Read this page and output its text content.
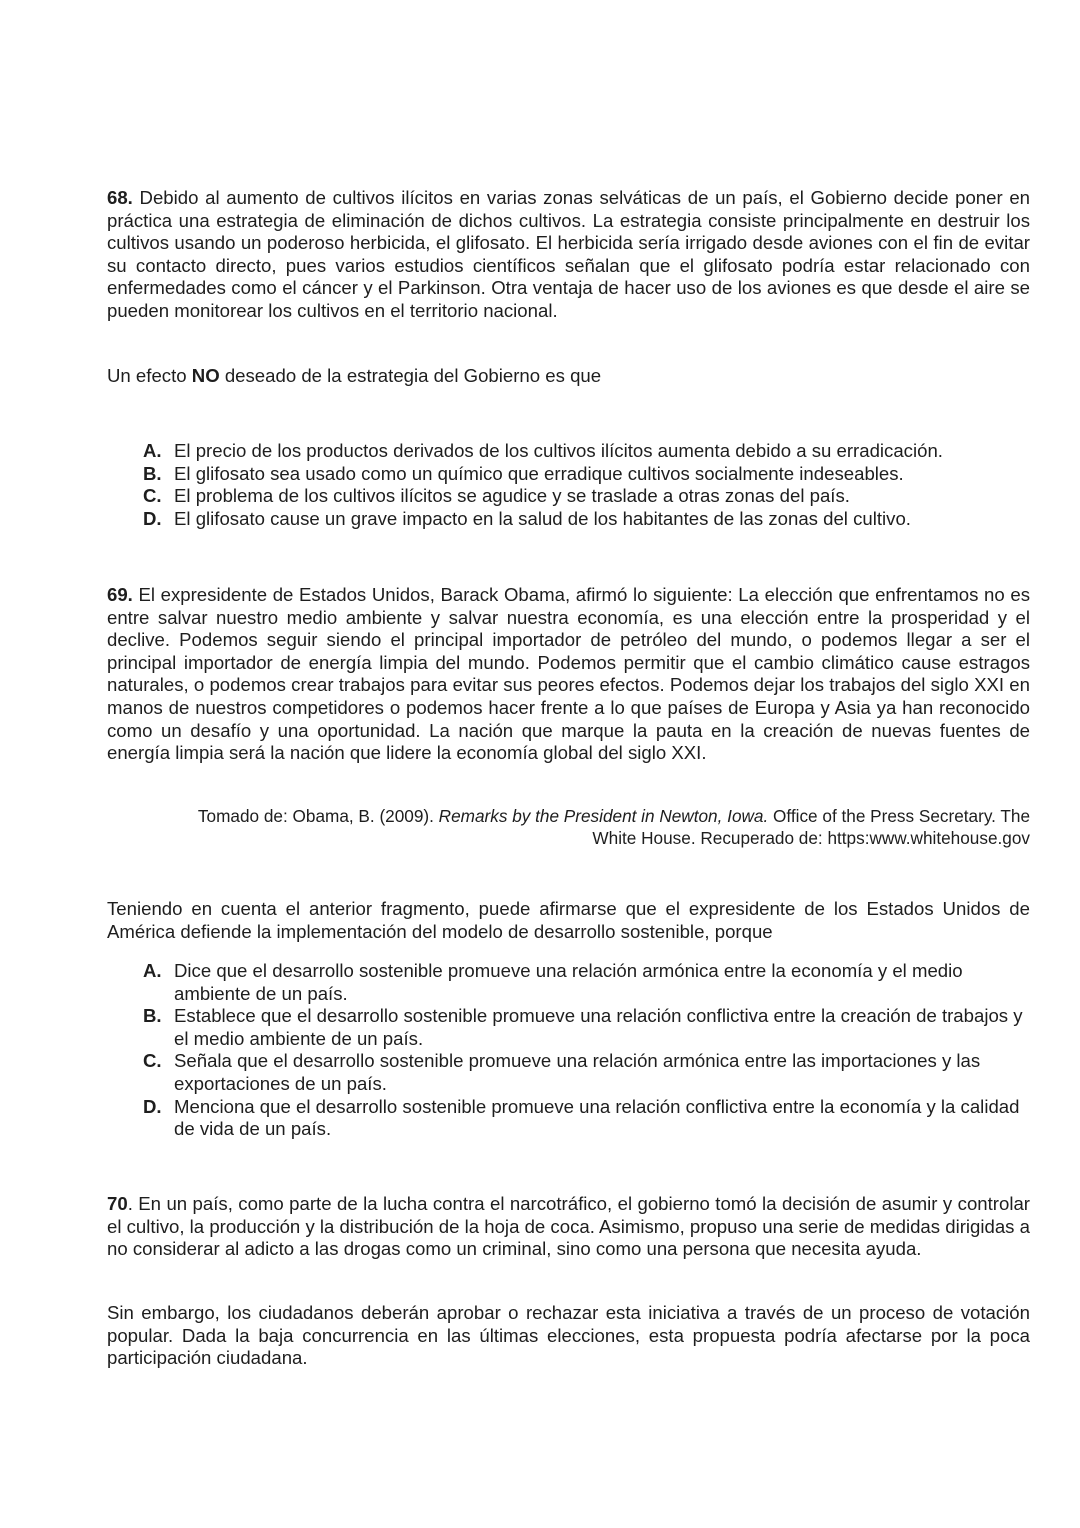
68. Debido al aumento de cultivos ilícitos en varias zonas selváticas de un país, el Gobierno decide poner en práctica una estrategia de eliminación de dichos cultivos. La estrategia consiste principalmente en destruir los cultivos usando un poderoso herbicida, el glifosato. El herbicida sería irrigado desde aviones con el fin de evitar su contacto directo, pues varios estudios científicos señalan que el glifosato podría estar relacionado con enfermedades como el cáncer y el Parkinson. Otra ventaja de hacer uso de los aviones es que desde el aire se pueden monitorear los cultivos en el territorio nacional.

Un efecto NO deseado de la estrategia del Gobierno es que

A. El precio de los productos derivados de los cultivos ilícitos aumenta debido a su erradicación.
B. El glifosato sea usado como un químico que erradique cultivos socialmente indeseables.
C. El problema de los cultivos ilícitos se agudice y se traslade a otras zonas del país.
D. El glifosato cause un grave impacto en la salud de los habitantes de las zonas del cultivo.

69. El expresidente de Estados Unidos, Barack Obama, afirmó lo siguiente: La elección que enfrentamos no es entre salvar nuestro medio ambiente y salvar nuestra economía, es una elección entre la prosperidad y el declive. Podemos seguir siendo el principal importador de petróleo del mundo, o podemos llegar a ser el principal importador de energía limpia del mundo. Podemos permitir que el cambio climático cause estragos naturales, o podemos crear trabajos para evitar sus peores efectos. Podemos dejar los trabajos del siglo XXI en manos de nuestros competidores o podemos hacer frente a lo que países de Europa y Asia ya han reconocido como un desafío y una oportunidad. La nación que marque la pauta en la creación de nuevas fuentes de energía limpia será la nación que lidere la economía global del siglo XXI.

Tomado de: Obama, B. (2009). Remarks by the President in Newton, Iowa. Office of the Press Secretary. The
White House. Recuperado de: https:www.whitehouse.gov

Teniendo en cuenta el anterior fragmento, puede afirmarse que el expresidente de los Estados Unidos de América defiende la implementación del modelo de desarrollo sostenible, porque

A. Dice que el desarrollo sostenible promueve una relación armónica entre la economía y el medio ambiente de un país.
B. Establece que el desarrollo sostenible promueve una relación conflictiva entre la creación de trabajos y el medio ambiente de un país.
C. Señala que el desarrollo sostenible promueve una relación armónica entre las importaciones y las exportaciones de un país.
D. Menciona que el desarrollo sostenible promueve una relación conflictiva entre la economía y la calidad de vida de un país.

70. En un país, como parte de la lucha contra el narcotráfico, el gobierno tomó la decisión de asumir y controlar el cultivo, la producción y la distribución de la hoja de coca. Asimismo, propuso una serie de medidas dirigidas a no considerar al adicto a las drogas como un criminal, sino como una persona que necesita ayuda.

Sin embargo, los ciudadanos deberán aprobar o rechazar esta iniciativa a través de un proceso de votación popular. Dada la baja concurrencia en las últimas elecciones, esta propuesta podría afectarse por la poca participación ciudadana.
